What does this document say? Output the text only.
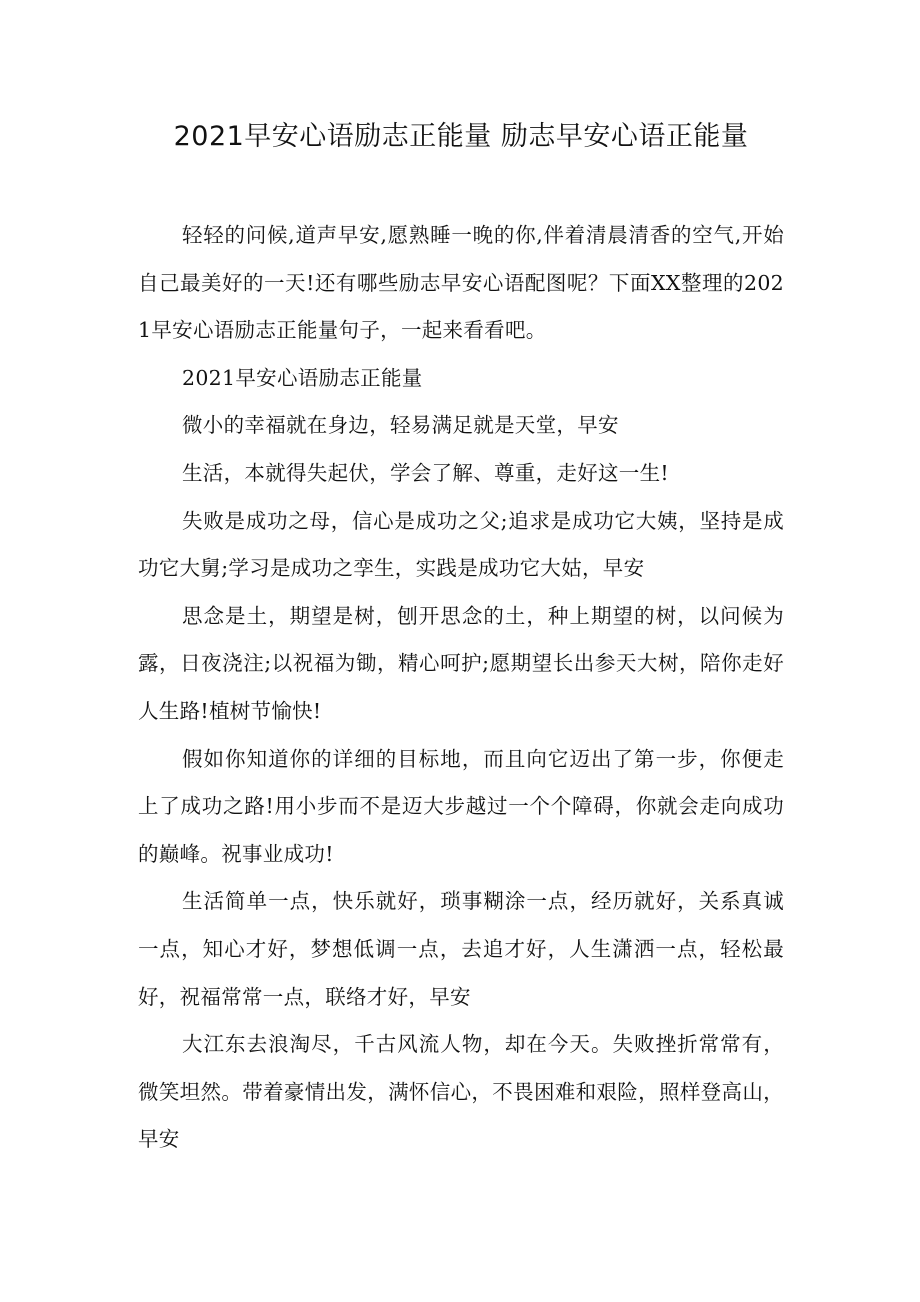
2021早安心语励志正能量 励志早安心语正能量

轻轻的问候,道声早安,愿熟睡一晚的你,伴着清晨清香的空气,开始自己最美好的一天!还有哪些励志早安心语配图呢？下面XX整理的2021早安心语励志正能量句子，一起来看看吧。

2021早安心语励志正能量

微小的幸福就在身边，轻易满足就是天堂，早安

生活，本就得失起伏，学会了解、尊重，走好这一生!

失败是成功之母，信心是成功之父;追求是成功它大姨，坚持是成功它大舅;学习是成功之孪生，实践是成功它大姑，早安

思念是土，期望是树，刨开思念的土，种上期望的树，以问候为露，日夜浇注;以祝福为锄，精心呵护;愿期望长出参天大树，陪你走好人生路!植树节愉快!

假如你知道你的详细的目标地，而且向它迈出了第一步，你便走上了成功之路!用小步而不是迈大步越过一个个障碍，你就会走向成功的巅峰。祝事业成功!

生活简单一点，快乐就好，琐事糊涂一点，经历就好，关系真诚一点，知心才好，梦想低调一点，去追才好，人生潇洒一点，轻松最好，祝福常常一点，联络才好，早安

大江东去浪淘尽，千古风流人物，却在今天。失败挫折常常有，微笑坦然。带着豪情出发，满怀信心，不畏困难和艰险，照样登高山，早安
